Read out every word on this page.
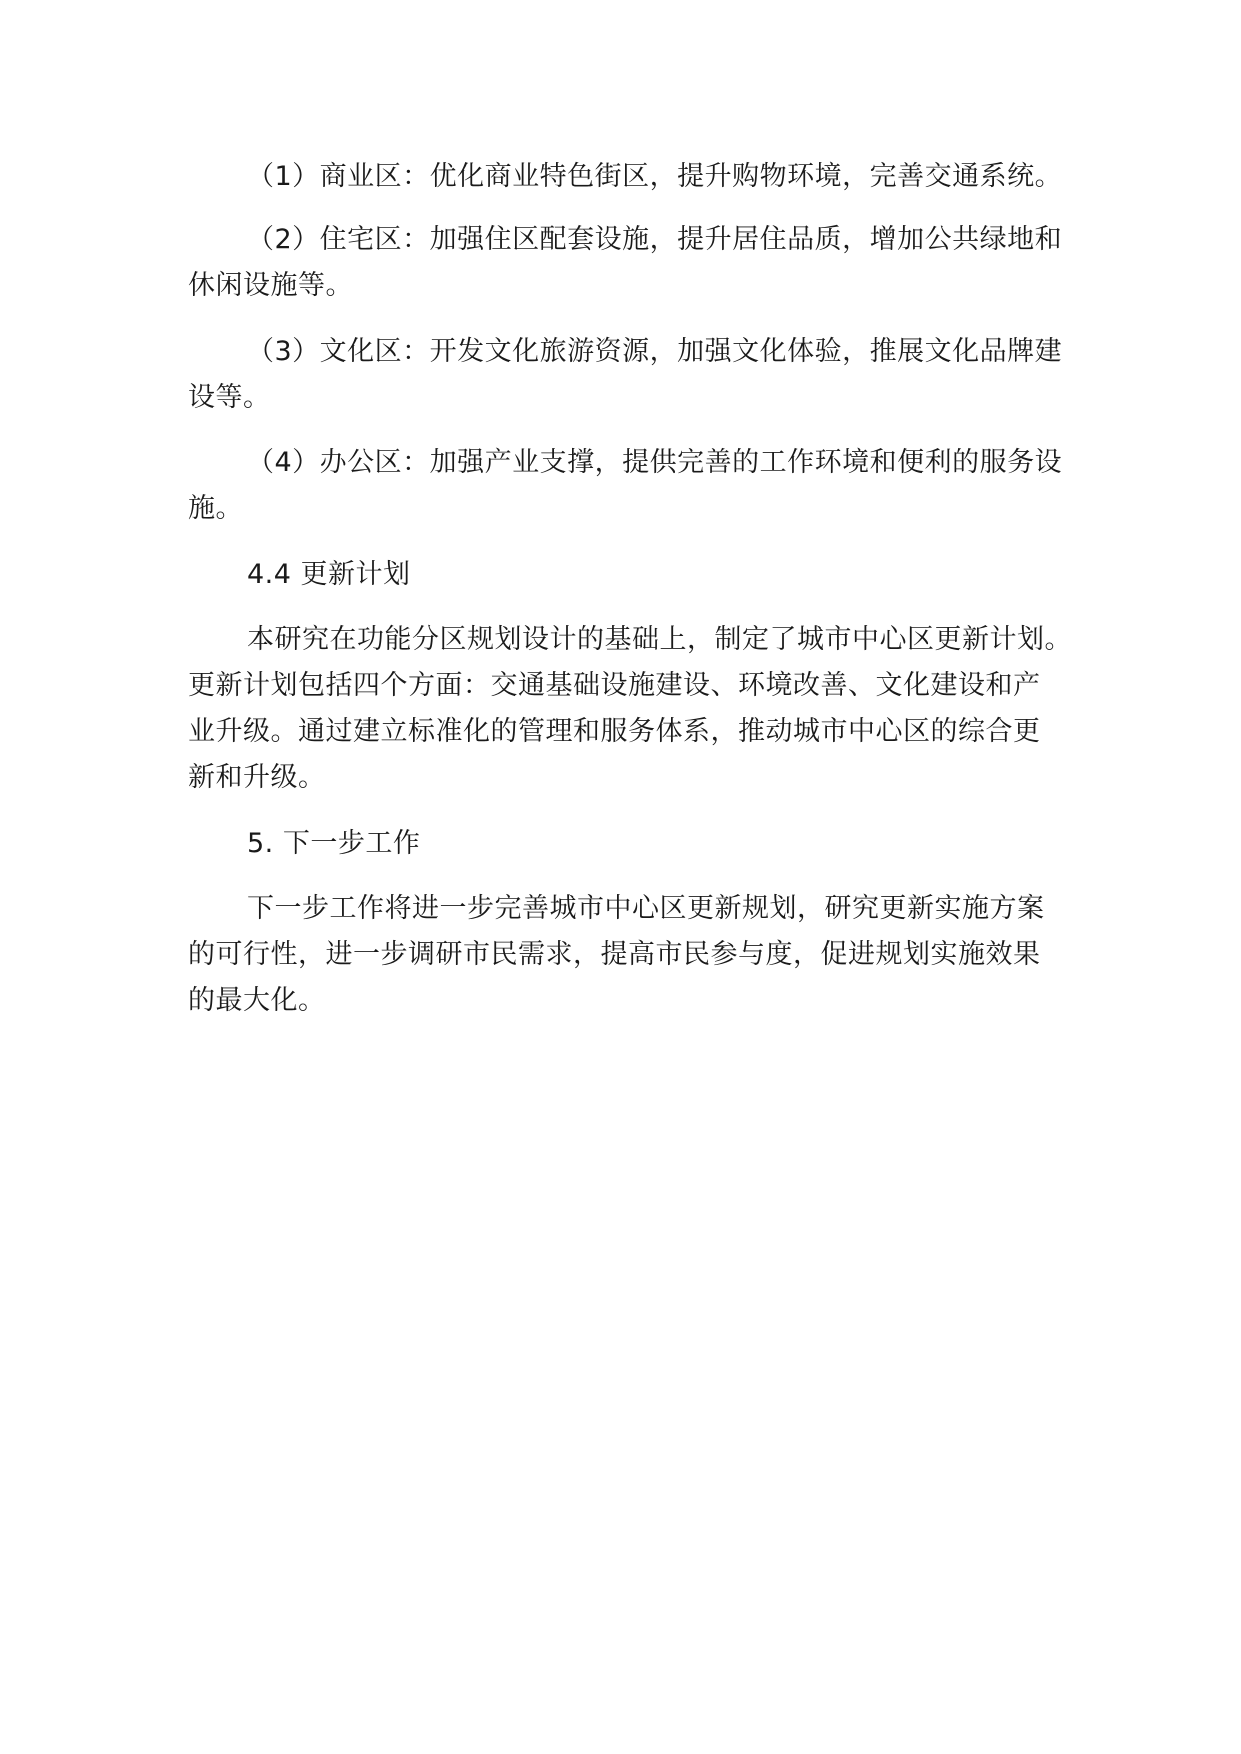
（1）商业区：优化商业特色街区，提升购物环境，完善交通系统。
（2）住宅区：加强住区配套设施，提升居住品质，增加公共绿地和
休闲设施等。
（3）文化区：开发文化旅游资源，加强文化体验，推展文化品牌建
设等。
（4）办公区：加强产业支撑，提供完善的工作环境和便利的服务设
施。
4.4 更新计划
本研究在功能分区规划设计的基础上，制定了城市中心区更新计划。
更新计划包括四个方面：交通基础设施建设、环境改善、文化建设和产
业升级。通过建立标准化的管理和服务体系，推动城市中心区的综合更
新和升级。
5. 下一步工作
下一步工作将进一步完善城市中心区更新规划，研究更新实施方案
的可行性，进一步调研市民需求，提高市民参与度，促进规划实施效果
的最大化。
